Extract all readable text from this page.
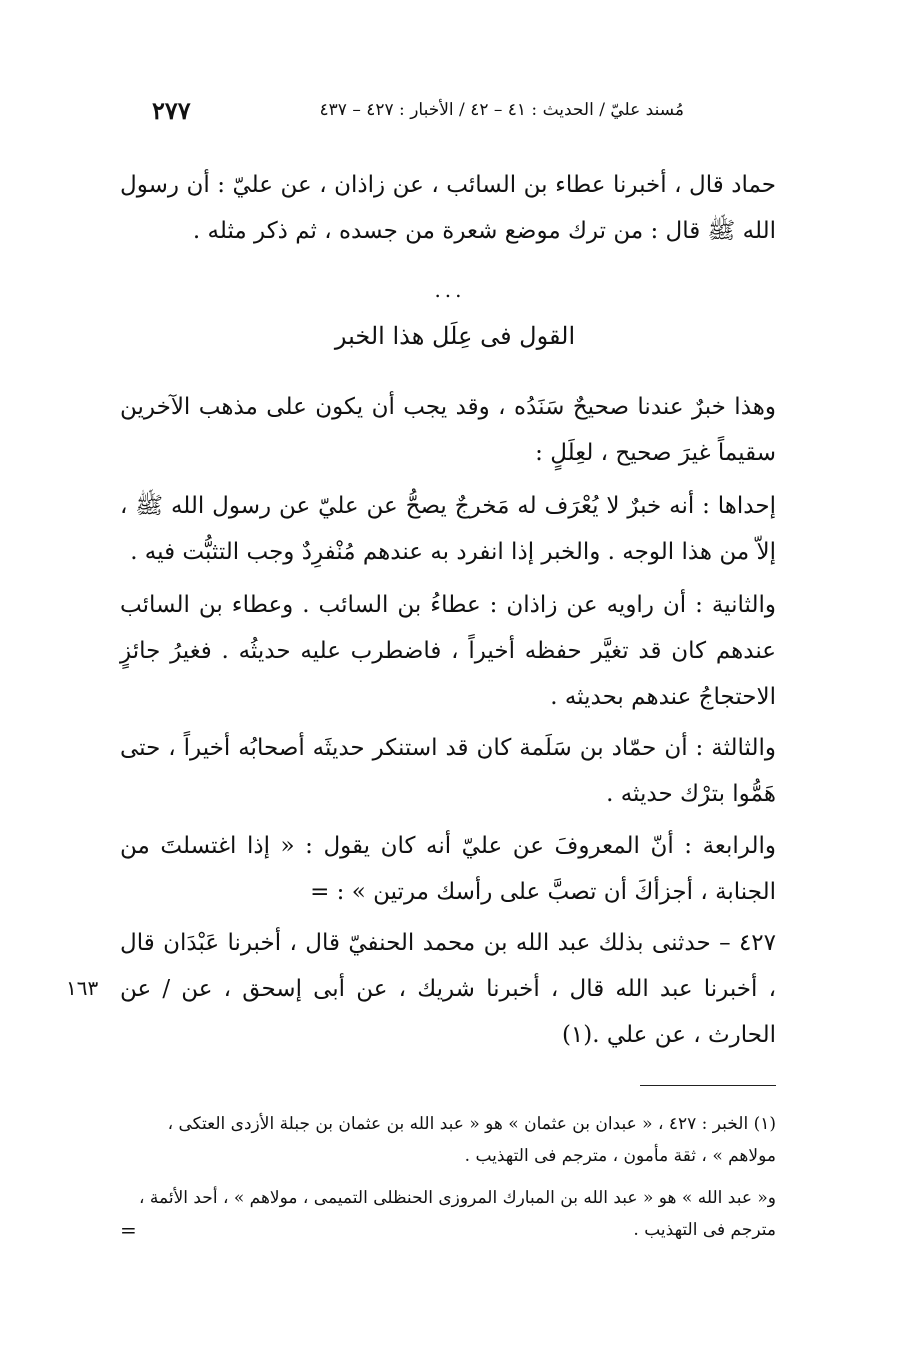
٢٧٧	مُسند عليّ / الحديث : ٤١ – ٤٢ / الأخبار : ٤٢٧ – ٤٣٧
حماد قال ، أخبرنا عطاء بن السائب ، عن زاذان ، عن عليّ : أن رسول الله ﷺ قال : من ترك موضع شعرة من جسده ، ثم ذكر مثله .
...
القول فى عِلَل هذا الخبر
وهذا خبرٌ عندنا صحيحٌ سَنَدُه ، وقد يجب أن يكون على مذهب الآخرين سقيماً غيرَ صحيح ، لعِلَلٍ :
إحداها : أنه خبرٌ لا يُعْرَف له مَخرجٌ يصحُّ عن عليّ عن رسول الله ﷺ ، إلاّ من هذا الوجه . والخبر إذا انفرد به عندهم مُنْفرِدٌ وجب التثبُّت فيه .
والثانية : أن راويه عن زاذان : عطاءُ بن السائب . وعطاء بن السائب عندهم كان قد تغيَّر حفظه أخيراً ، فاضطرب عليه حديثُه . فغيرُ جائزٍ الاحتجاجُ عندهم بحديثه .
والثالثة : أن حمّاد بن سَلَمة كان قد استنكر حديثَه أصحابُه أخيراً ، حتى هَمُّوا بترْك حديثه .
والرابعة : أنّ المعروفَ عن عليّ أنه كان يقول : « إذا اغتسلتَ من الجنابة ، أجزأكَ أن تصبَّ على رأسك مرتين » : =
٤٢٧ – حدثنى بذلك عبد الله بن محمد الحنفيّ قال ، أخبرنا عَبْدَان قال ، أخبرنا عبد الله قال ، أخبرنا شريك ، عن أبى إسحق ، عن / عن الحارث ، عن علي .(١)
١٦٣
(١) الخبر : ٤٢٧ ، « عبدان بن عثمان » هو « عبد الله بن عثمان بن جبلة الأزدى العتكى ، مولاهم » ، ثقة مأمون ، مترجم فى التهذيب .
و« عبد الله » هو « عبد الله بن المبارك المروزى الحنظلى التميمى ، مولاهم » ، أحد الأئمة ، مترجم فى التهذيب .
=
